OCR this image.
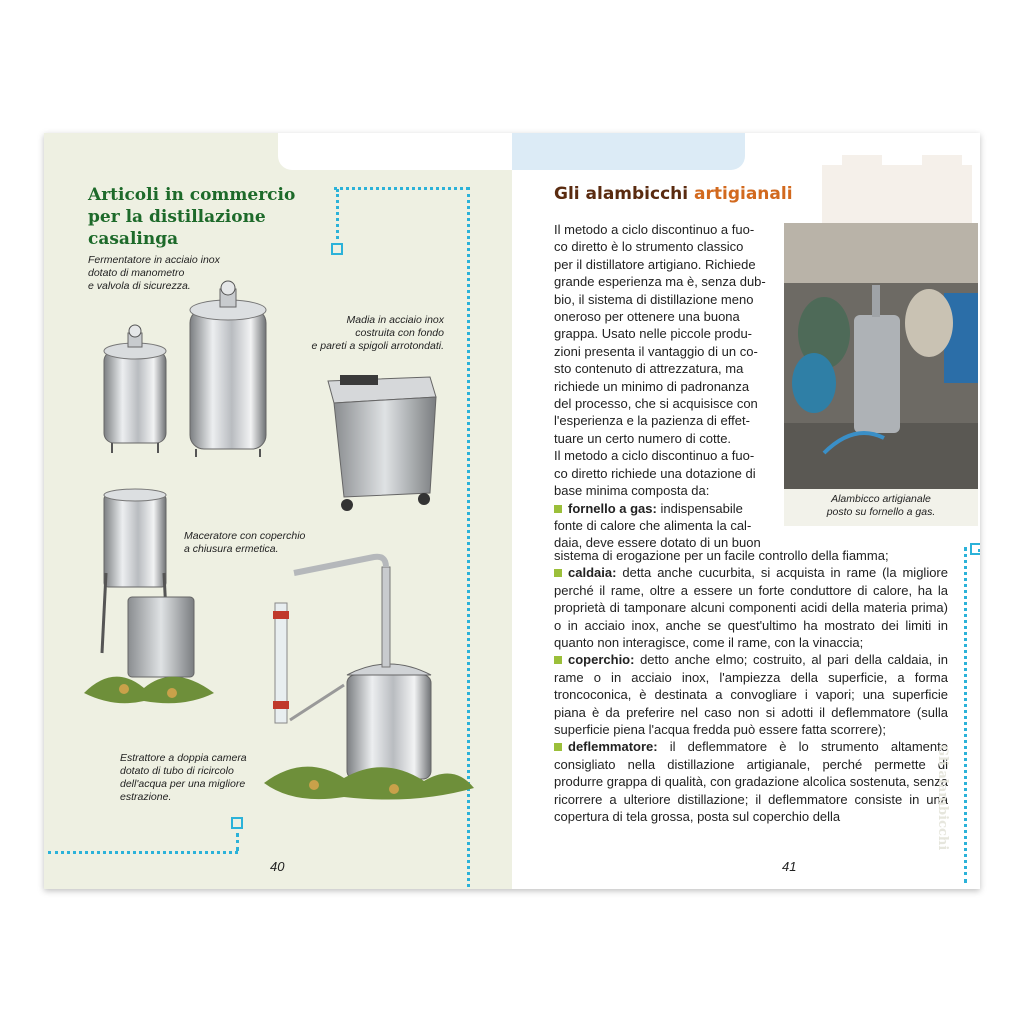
Articoli in commercio
per la distillazione
casalinga
Fermentatore in acciaio inox
dotato di manometro
e valvola di sicurezza.
Madia in acciaio inox
costruita con fondo
e pareti a spigoli arrotondati.
Maceratore con coperchio
a chiusura ermetica.
Estrattore a doppia camera
dotato di tubo di ricircolo
dell'acqua per una migliore
estrazione.
40
Gli alambicchi artigianali
Il metodo a ciclo discontinuo a fuo-
co diretto è lo strumento classico
per il distillatore artigiano. Richiede
grande esperienza ma è, senza dub-
bio, il sistema di distillazione meno
oneroso per ottenere una buona
grappa. Usato nelle piccole produ-
zioni presenta il vantaggio di un co-
sto contenuto di attrezzatura, ma
richiede un minimo di padronanza
del processo, che si acquisisce con
l'esperienza e la pazienza di effet-
tuare un certo numero di cotte.
Il metodo a ciclo discontinuo a fuo-
co diretto richiede una dotazione di
base minima composta da:
fornello a gas: indispensabile
fonte di calore che alimenta la cal-
daia, deve essere dotato di un buon
Alambicco artigianale
posto su fornello a gas.
sistema di erogazione per un facile controllo della fiamma;
caldaia: detta anche cucurbita, si acquista in rame (la migliore perché il rame, oltre a essere un forte conduttore di calore, ha la proprietà di tamponare alcuni componenti acidi della materia prima) o in acciaio inox, anche se quest'ultimo ha mostrato dei limiti in quanto non interagisce, come il rame, con la vinaccia;
coperchio: detto anche elmo; costruito, al pari della caldaia, in rame o in acciaio inox, l'ampiezza della superficie, a forma troncoconica, è destinata a convogliare i vapori; una superficie piana è da preferire nel caso non si adotti il deflemmatore (sulla superficie piena l'acqua fredda può essere fatta scorrere);
deflemmatore: il deflemmatore è lo strumento altamente consigliato nella distillazione artigianale, perché permette di produrre grappa di qualità, con gradazione alcolica sostenuta, senza ricorrere a ulteriore distillazione; il deflemmatore consiste in una copertura di tela grossa, posta sul coperchio della	Gli alambicchi
41
